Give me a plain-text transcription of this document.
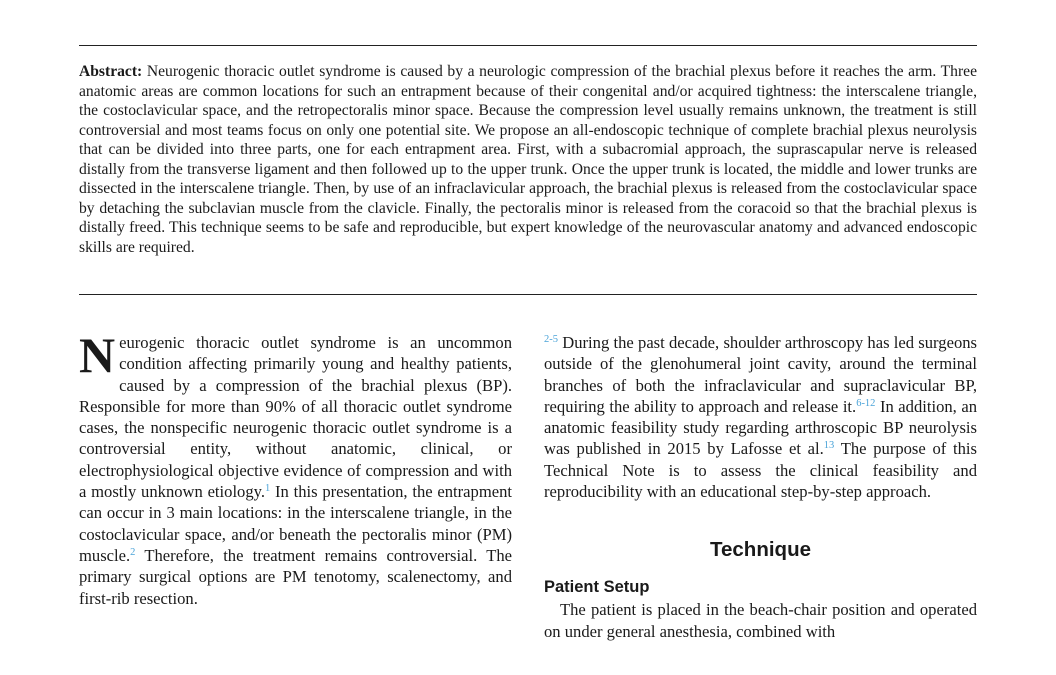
Abstract: Neurogenic thoracic outlet syndrome is caused by a neurologic compression of the brachial plexus before it reaches the arm. Three anatomic areas are common locations for such an entrapment because of their congenital and/or acquired tightness: the interscalene triangle, the costoclavicular space, and the retropectoralis minor space. Because the compression level usually remains unknown, the treatment is still controversial and most teams focus on only one potential site. We propose an all-endoscopic technique of complete brachial plexus neurolysis that can be divided into three parts, one for each entrapment area. First, with a subacromial approach, the suprascapular nerve is released distally from the transverse ligament and then followed up to the upper trunk. Once the upper trunk is located, the middle and lower trunks are dissected in the interscalene triangle. Then, by use of an infraclavicular approach, the brachial plexus is released from the costoclavicular space by detaching the subclavian muscle from the clavicle. Finally, the pectoralis minor is released from the coracoid so that the brachial plexus is distally freed. This technique seems to be safe and reproducible, but expert knowledge of the neurovascular anatomy and advanced endoscopic skills are required.

Neurogenic thoracic outlet syndrome is an uncommon condition affecting primarily young and healthy patients, caused by a compression of the brachial plexus (BP). Responsible for more than 90% of all thoracic outlet syndrome cases, the nonspecific neurogenic thoracic outlet syndrome is a controversial entity, without anatomic, clinical, or electrophysiological objective evidence of compression and with a mostly unknown etiology.$^1$ In this presentation, the entrapment can occur in 3 main locations: in the interscalene triangle, in the costoclavicular space, and/or beneath the pectoralis minor (PM) muscle.$^2$ Therefore, the treatment remains controversial. The primary surgical options are PM tenotomy, scalenectomy, and first-rib resection.

$^{2-5}$ During the past decade, shoulder arthroscopy has led surgeons outside of the glenohumeral joint cavity, around the terminal branches of both the infraclavicular and supraclavicular BP, requiring the ability to approach and release it.$^{6-12}$ In addition, an anatomic feasibility study regarding arthroscopic BP neurolysis was published in 2015 by Lafosse et al.$^{13}$ The purpose of this Technical Note is to assess the clinical feasibility and reproducibility with an educational step-by-step approach.

Technique
Patient Setup

The patient is placed in the beach-chair position and operated on under general anesthesia, combined with
